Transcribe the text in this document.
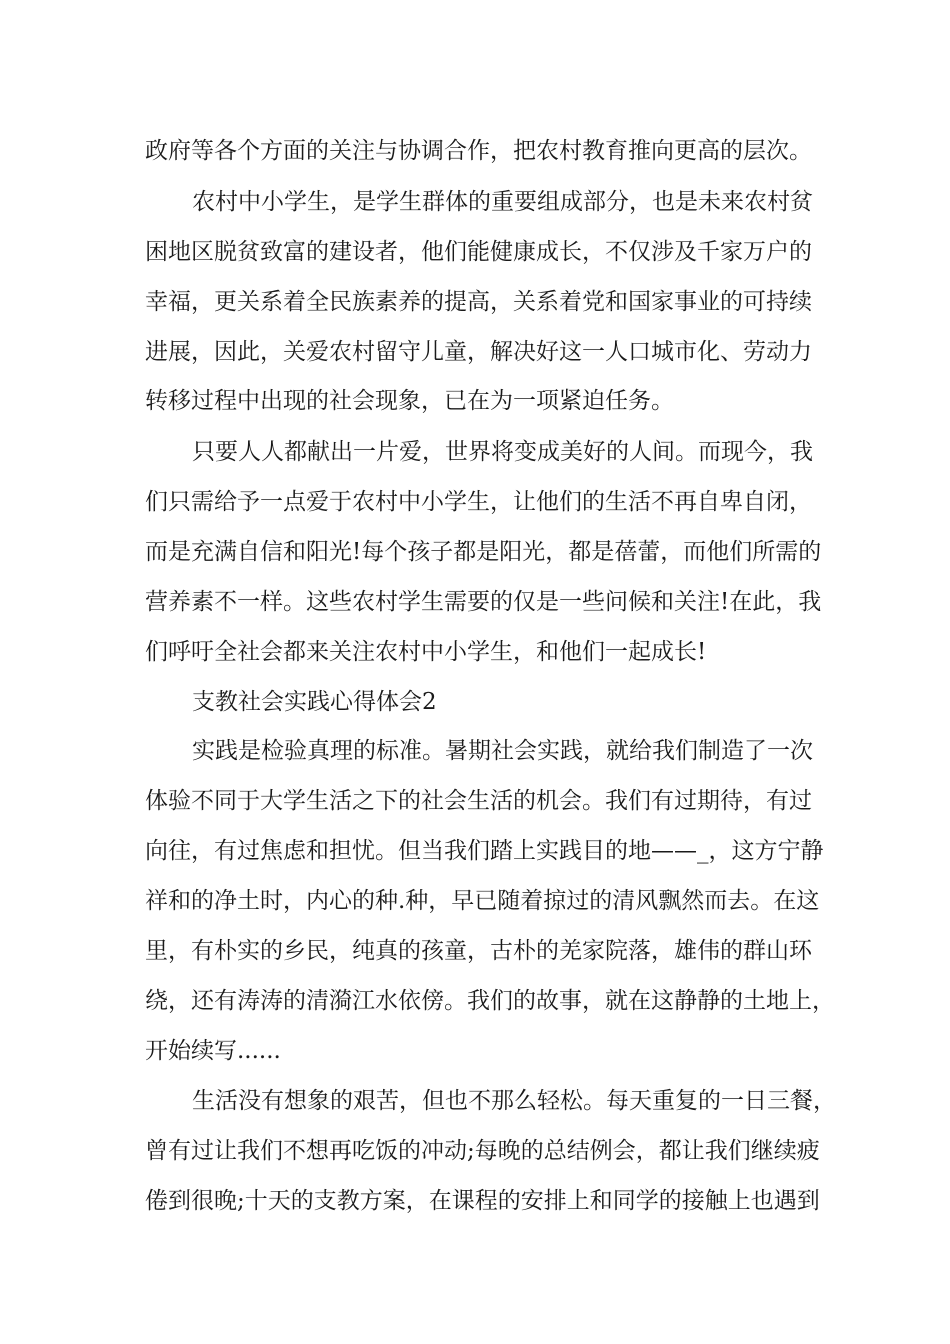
政府等各个方面的关注与协调合作，把农村教育推向更高的层次。

农村中小学生，是学生群体的重要组成部分，也是未来农村贫

困地区脱贫致富的建设者，他们能健康成长，不仅涉及千家万户的

幸福，更关系着全民族素养的提高，关系着党和国家事业的可持续

进展，因此，关爱农村留守儿童，解决好这一人口城市化、劳动力

转移过程中出现的社会现象，已在为一项紧迫任务。

只要人人都献出一片爱，世界将变成美好的人间。而现今，我

们只需给予一点爱于农村中小学生，让他们的生活不再自卑自闭，

而是充满自信和阳光!每个孩子都是阳光，都是蓓蕾，而他们所需的

营养素不一样。这些农村学生需要的仅是一些问候和关注!在此，我

们呼吁全社会都来关注农村中小学生，和他们一起成长!

支教社会实践心得体会2

实践是检验真理的标准。暑期社会实践，就给我们制造了一次

体验不同于大学生活之下的社会生活的机会。我们有过期待，有过

向往，有过焦虑和担忧。但当我们踏上实践目的地——_，这方宁静

祥和的净土时，内心的种.种，早已随着掠过的清风飘然而去。在这

里，有朴实的乡民，纯真的孩童，古朴的羌家院落，雄伟的群山环

绕，还有涛涛的清漪江水依傍。我们的故事，就在这静静的土地上，

开始续写......

生活没有想象的艰苦，但也不那么轻松。每天重复的一日三餐，

曾有过让我们不想再吃饭的冲动;每晚的总结例会，都让我们继续疲

倦到很晚;十天的支教方案，在课程的安排上和同学的接触上也遇到
